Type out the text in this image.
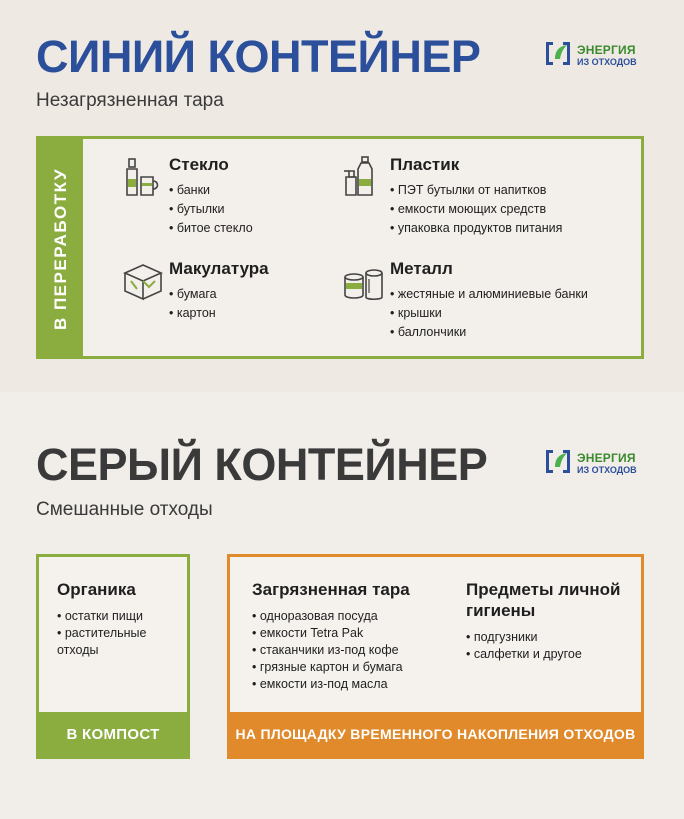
СИНИЙ КОНТЕЙНЕР
Незагрязненная тара
ЭНЕРГИЯ
ИЗ ОТХОДОВ
В ПЕРЕРАБОТКУ
Стекло
• банки
• бутылки
• битое стекло
Пластик
• ПЭТ бутылки от напитков
• емкости моющих средств
• упаковка продуктов питания
Макулатура
• бумага
• картон
Металл
• жестяные и алюминиевые банки
• крышки
• баллончики
СЕРЫЙ КОНТЕЙНЕР
Смешанные отходы
ЭНЕРГИЯ
ИЗ ОТХОДОВ
Органика
• остатки пищи
• растительные отходы
В КОМПОСТ
Загрязненная тара
• одноразовая посуда
• емкости Tetra Pak
• стаканчики из-под кофе
• грязные картон и бумага
• емкости из-под масла
Предметы личной гигиены
• подгузники
• салфетки и другое
НА ПЛОЩАДКУ ВРЕМЕННОГО НАКОПЛЕНИЯ ОТХОДОВ
